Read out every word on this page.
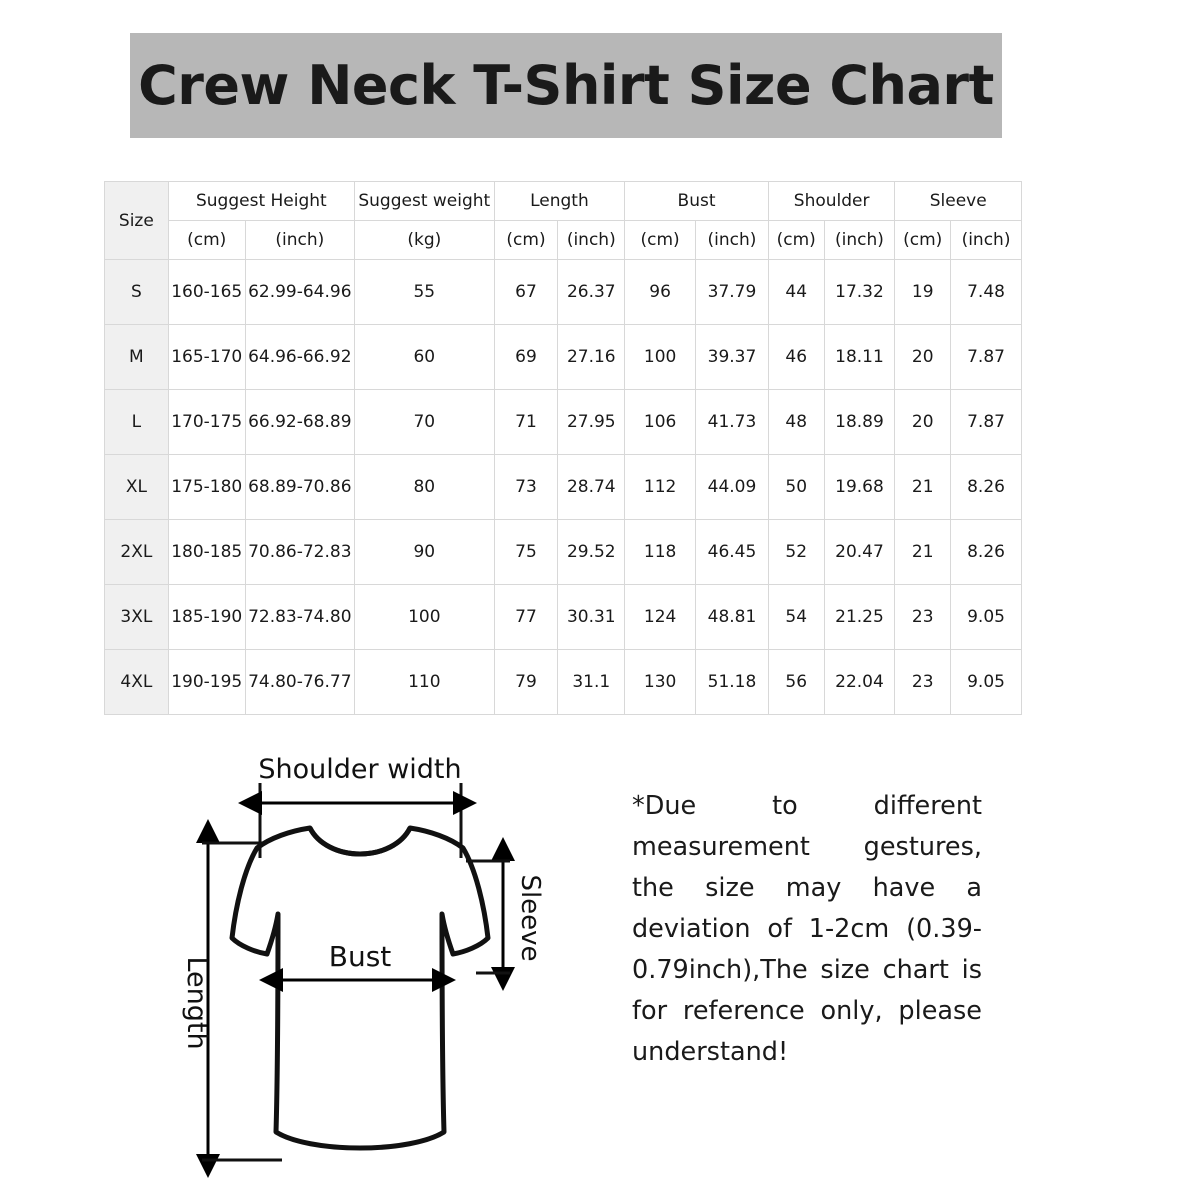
Crew Neck T-Shirt Size Chart
Size	Suggest Height		Suggest weight	Length		Bust		Shoulder		Sleeve	
	(cm)	(inch)	(kg)	(cm)	(inch)	(cm)	(inch)	(cm)	(inch)	(cm)	(inch)
S	160-165	62.99-64.96	55	67	26.37	96	37.79	44	17.32	19	7.48
M	165-170	64.96-66.92	60	69	27.16	100	39.37	46	18.11	20	7.87
L	170-175	66.92-68.89	70	71	27.95	106	41.73	48	18.89	20	7.87
XL	175-180	68.89-70.86	80	73	28.74	112	44.09	50	19.68	21	8.26
2XL	180-185	70.86-72.83	90	75	29.52	118	46.45	52	20.47	21	8.26
3XL	185-190	72.83-74.80	100	77	30.31	124	48.81	54	21.25	23	9.05
4XL	190-195	74.80-76.77	110	79	31.1	130	51.18	56	22.04	23	9.05
Shoulder width
Bust	Sleeve
Length
*Due to different measurement gestures, the size may have a deviation of 1-2cm (0.39-0.79inch),The size chart is for reference only, please understand!
